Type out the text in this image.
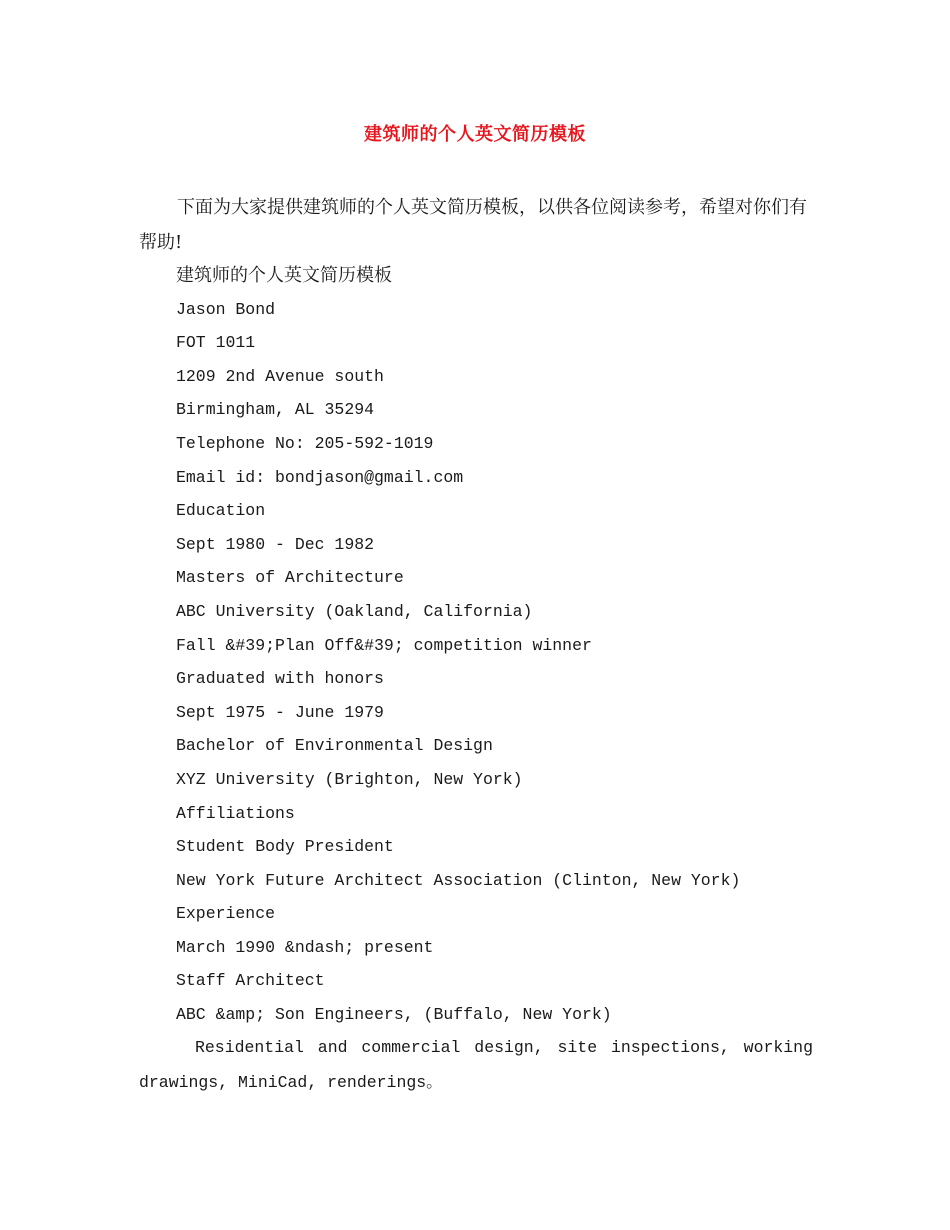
建筑师的个人英文简历模板

下面为大家提供建筑师的个人英文简历模板，以供各位阅读参考，希望对你们有帮助!

建筑师的个人英文简历模板
Jason Bond
FOT 1011
1209 2nd Avenue south
Birmingham, AL 35294
Telephone No: 205-592-1019
Email id: bondjason@gmail.com
Education
Sept 1980 - Dec 1982
Masters of Architecture
ABC University (Oakland, California)
Fall &#39;Plan Off&#39; competition winner
Graduated with honors
Sept 1975 - June 1979
Bachelor of Environmental Design
XYZ University (Brighton, New York)
Affiliations
Student Body President
New York Future Architect Association (Clinton, New York)
Experience
March 1990 &ndash; present
Staff Architect
ABC &amp; Son Engineers, (Buffalo, New York)

Residential and commercial design, site inspections, working drawings, MiniCad, renderings。
